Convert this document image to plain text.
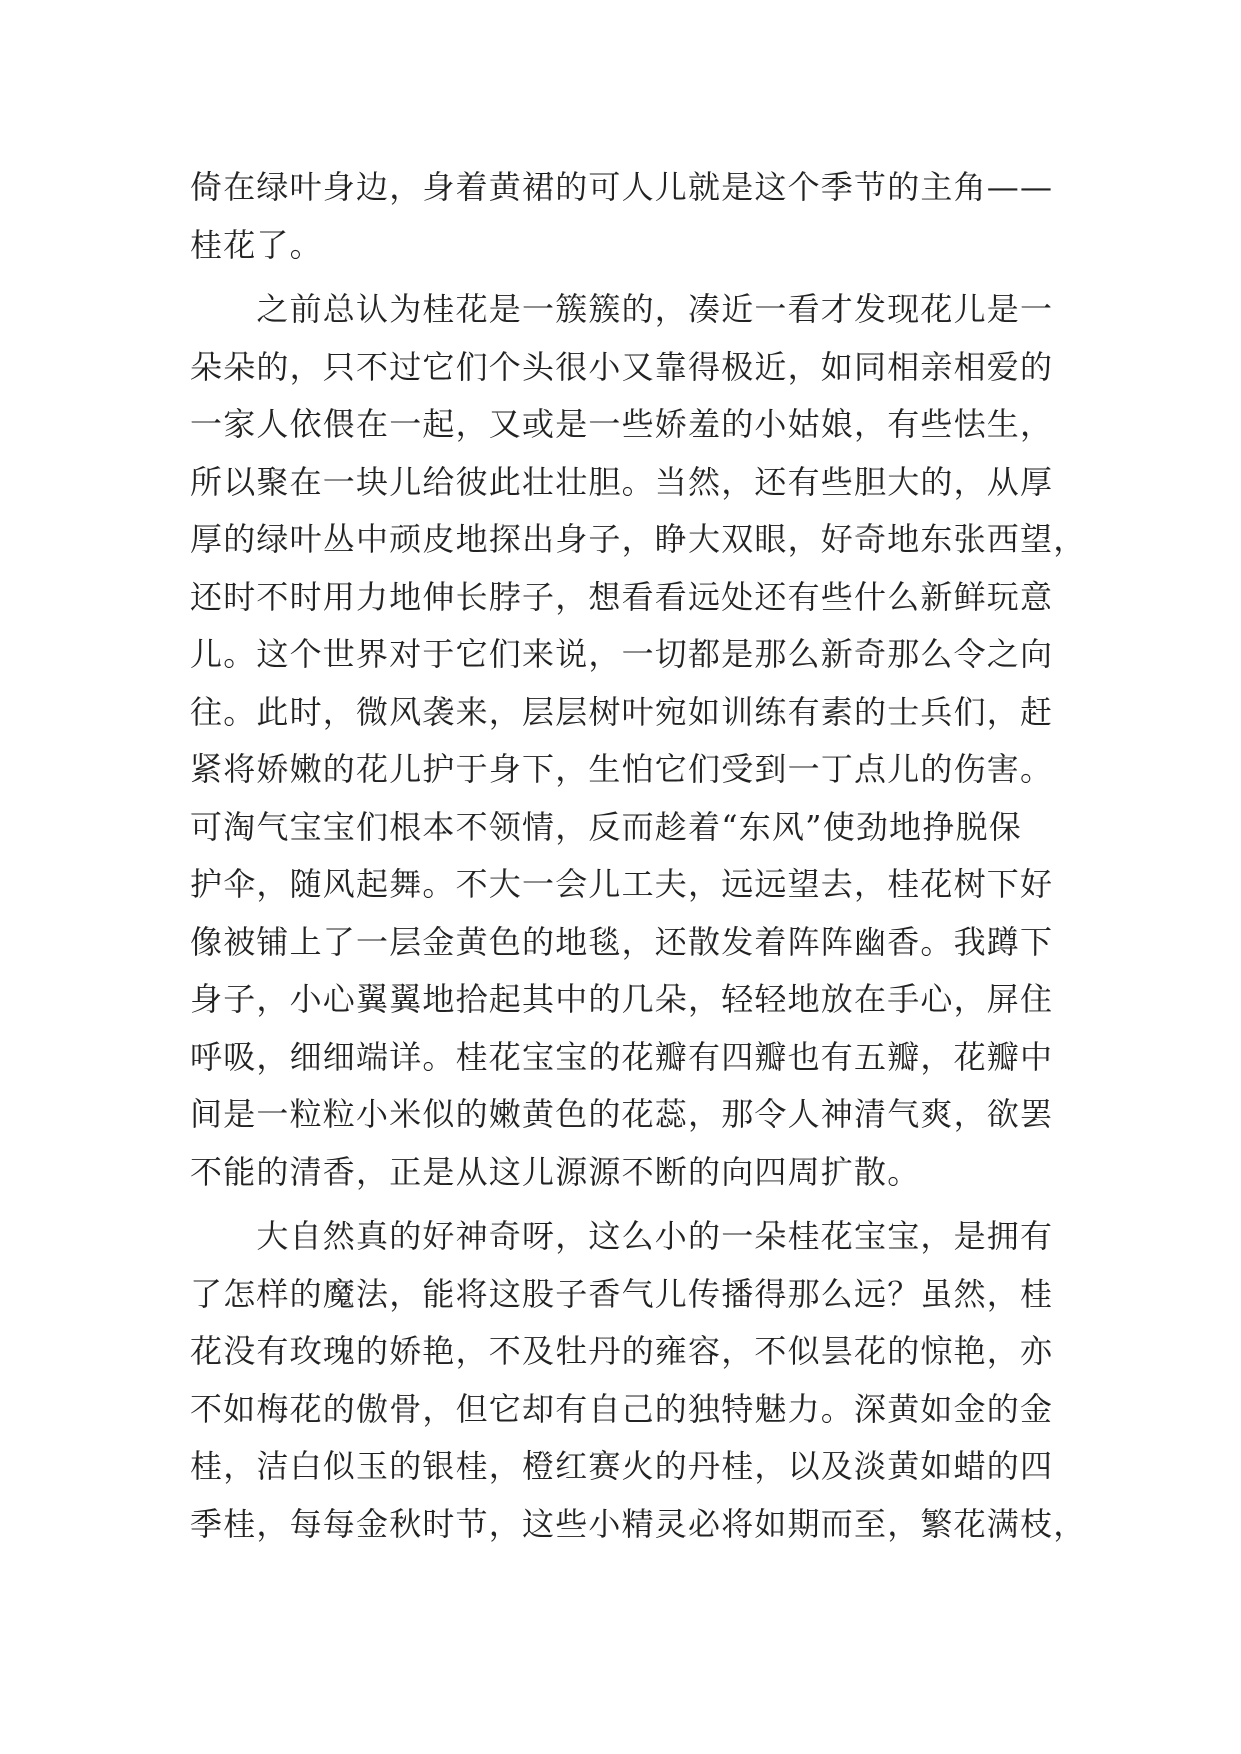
倚在绿叶身边，身着黄裙的可人儿就是这个季节的主角——
桂花了。
　　之前总认为桂花是一簇簇的，凑近一看才发现花儿是一
朵朵的，只不过它们个头很小又靠得极近，如同相亲相爱的
一家人依偎在一起，又或是一些娇羞的小姑娘，有些怯生，
所以聚在一块儿给彼此壮壮胆。当然，还有些胆大的，从厚
厚的绿叶丛中顽皮地探出身子，睁大双眼，好奇地东张西望，
还时不时用力地伸长脖子，想看看远处还有些什么新鲜玩意
儿。这个世界对于它们来说，一切都是那么新奇那么令之向
往。此时，微风袭来，层层树叶宛如训练有素的士兵们，赶
紧将娇嫩的花儿护于身下，生怕它们受到一丁点儿的伤害。
可淘气宝宝们根本不领情，反而趁着“东风”使劲地挣脱保
护伞，随风起舞。不大一会儿工夫，远远望去，桂花树下好
像被铺上了一层金黄色的地毯，还散发着阵阵幽香。我蹲下
身子，小心翼翼地拾起其中的几朵，轻轻地放在手心，屏住
呼吸，细细端详。桂花宝宝的花瓣有四瓣也有五瓣，花瓣中
间是一粒粒小米似的嫩黄色的花蕊，那令人神清气爽，欲罢
不能的清香，正是从这儿源源不断的向四周扩散。
　　大自然真的好神奇呀，这么小的一朵桂花宝宝，是拥有
了怎样的魔法，能将这股子香气儿传播得那么远？虽然，桂
花没有玫瑰的娇艳，不及牡丹的雍容，不似昙花的惊艳，亦
不如梅花的傲骨，但它却有自己的独特魅力。深黄如金的金
桂，洁白似玉的银桂，橙红赛火的丹桂，以及淡黄如蜡的四
季桂，每每金秋时节，这些小精灵必将如期而至，繁花满枝，
